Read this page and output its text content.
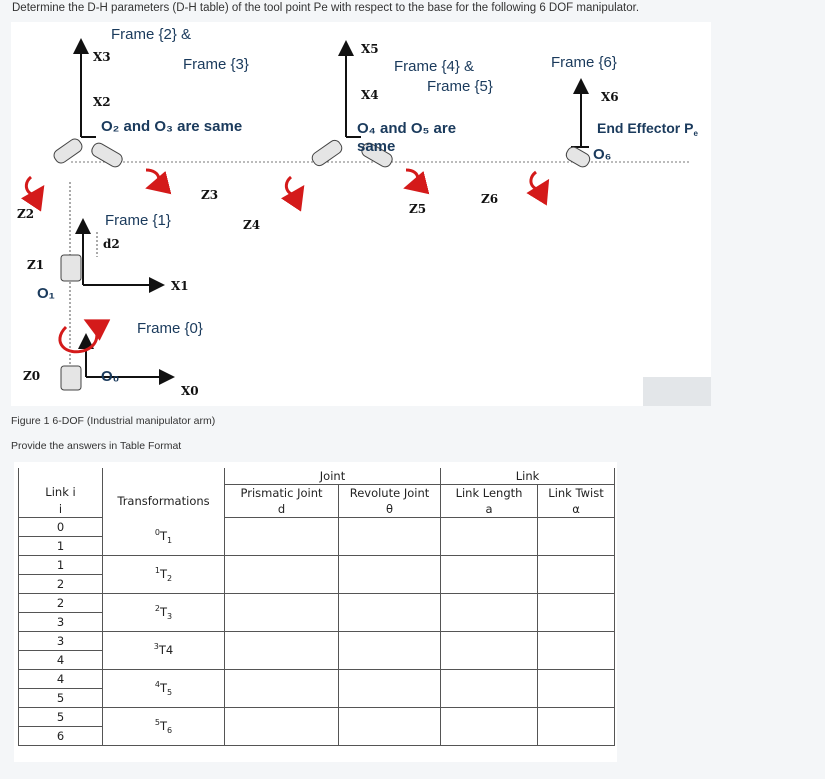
Determine the D-H parameters (D-H table) of the tool point Pe with respect to the base for the following 6 DOF manipulator.
Frame {2} &
X3	Frame {3}
X2
O₂ and O₃ are same
X5
Frame {4} &
Frame {5}
X4
O₄ and O₅ are
same
Frame {6}
X6
End Effector $P_e$
O₆
Z3
Z5
Z6
Z2	Frame {1}	Z4
d2
Z1
X1
O₁
Frame {0}
Z0	O₀
X0
Figure 1 6-DOF (Industrial manipulator arm)
Provide the answers in Table Format
		Joint		Link	
Link i	Transformations	Prismatic Joint	Revolute Joint	Link Length	Link Twist
i		d	θ	a	α
0	$^0T_1$				
1					
1	$^1T_2$				
2					
2	$^2T_3$				
3					
3	$^3$T4				
4					
4	$^4T_5$				
5					
5	$^5T_6$				
6					
